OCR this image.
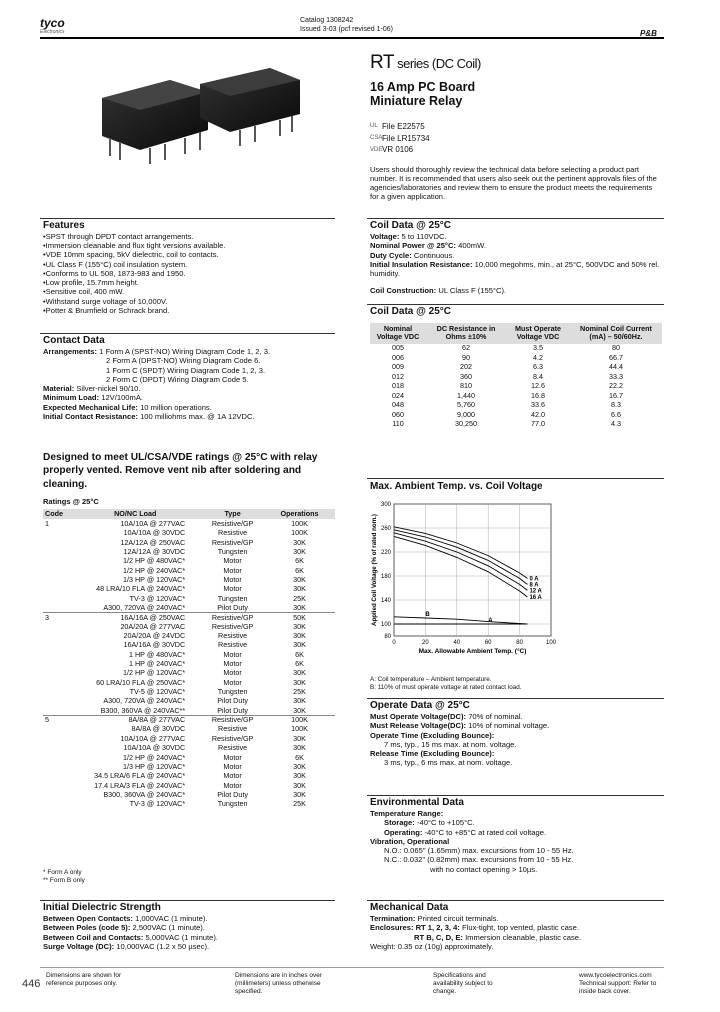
tyco
Electronics
Catalog 1308242
Issued 3-03 (pcf revised 1-06)	P&B
RT series (DC Coil)
16 Amp PC Board
Miniature Relay
UL File E22575
CSA File LR15734
VDE VR 0106
Users should thoroughly review the technical data before selecting a product part number. It is recommended that users also seek out the pertinent approvals files of the agencies/laboratories and review them to ensure the product meets the requirements for a given application.
Features
• SPST through DPDT contact arrangements.
• Immersion cleanable and flux tight versions available.
• VDE 10mm spacing, 5kV dielectric, coil to contacts.
• UL Class F (155°C) coil insulation system.
• Conforms to UL 508, 1873-983 and 1950.
• Low profile, 15.7mm height.
• Sensitive coil, 400 mW.
• Withstand surge voltage of 10,000V.
• Potter & Brumfield or Schrack brand.
Contact Data
Arrangements: 1 Form A (SPST-NO) Wiring Diagram Code 1, 2, 3.
2 Form A (DPST-NO) Wiring Diagram Code 6.
1 Form C (SPDT) Wiring Diagram Code 1, 2, 3.
2 Form C (DPDT) Wiring Diagram Code 5.
Material: Silver-nickel 90/10.
Minimum Load: 12V/100mA.
Expected Mechanical Life: 10 million operations.
Initial Contact Resistance: 100 milliohms max. @ 1A 12VDC.
Designed to meet UL/CSA/VDE ratings @ 25°C with relay properly vented. Remove vent nib after soldering and cleaning.
Ratings @ 25°C
Code	NO/NC Load	Type	Operations
1	10A/10A @ 277VAC	Resistive/GP	100K
	10A/10A @ 30VDC	Resistive	100K
	12A/12A @ 250VAC	Resistive/GP	30K
	12A/12A @ 30VDC	Tungsten	30K
	1/2 HP @ 480VAC*	Motor	6K
	1/2 HP @ 240VAC*	Motor	6K
	1/3 HP @ 120VAC*	Motor	30K
	48 LRA/10 FLA @ 240VAC*	Motor	30K
	TV-3 @ 120VAC*	Tungsten	25K
	A300, 720VA @ 240VAC*	Pilot Duty	30K
3	16A/16A @ 250VAC	Resistive/GP	50K
	20A/20A @ 277VAC	Resistive/GP	30K
	20A/20A @ 24VDC	Resistive	30K
	16A/16A @ 30VDC	Resistive	30K
	1 HP @ 480VAC*	Motor	6K
	1 HP @ 240VAC*	Motor	6K
	1/2 HP @ 120VAC*	Motor	30K
	60 LRA/10 FLA @ 250VAC*	Motor	30K
	TV-5 @ 120VAC*	Tungsten	25K
	A300, 720VA @ 240VAC*	Pilot Duty	30K
	B300, 360VA @ 240VAC**	Pilot Duty	30K
5	8A/8A @ 277VAC	Resistive/GP	100K
	8A/8A @ 30VDC	Resistive	100K
	10A/10A @ 277VAC	Resistive/GP	30K
	10A/10A @ 30VDC	Resistive	30K
	1/2 HP @ 240VAC*	Motor	6K
	1/3 HP @ 120VAC*	Motor	30K
	34.5 LRA/6 FLA @ 240VAC*	Motor	30K
	17.4 LRA/3 FLA @ 240VAC*	Motor	30K
	B300, 360VA @ 240VAC*	Pilot Duty	30K
	TV-3 @ 120VAC*	Tungsten	25K
* Form A only
** Form B only
Initial Dielectric Strength
Between Open Contacts: 1,000VAC (1 minute).
Between Poles (code 5): 2,500VAC (1 minute).
Between Coil and Contacts: 5,000VAC (1 minute).
Surge Voltage (DC): 10,000VAC (1.2 x 50 µsec).
Coil Data @ 25°C
Voltage: 5 to 110VDC.
Nominal Power @ 25°C: 400mW.
Duty Cycle: Continuous.
Initial Insulation Resistance: 10,000 megohms, min., at 25°C, 500VDC and 50% rel. humidity.
Coil Construction: UL Class F (155°C).
Coil Data @ 25°C
Nominal Voltage VDC	DC Resistance in Ohms ±10%	Must Operate Voltage VDC	Nominal Coil Current (mA) – 50/60Hz.
005	62	3.5	80
006	90	4.2	66.7
009	202	6.3	44.4
012	360	8.4	33.3
018	810	12.6	22.2
024	1,440	16.8	16.7
048	5,760	33.6	8.3
060	9,000	42.0	6.6
110	30,250	77.0	4.3
Max. Ambient Temp. vs. Coil Voltage
80
100
140
180
220
260
300
0	20	40	60	80	100
0 A
8 A
12 A
16 A
A
B
Max. Allowable Ambient Temp. (°C)
Applied Coil Voltage (% of rated nom.)
A: Coil temperature – Ambient temperature.
B: 110% of must operate voltage at rated contact load.
Operate Data @ 25°C
Must Operate Voltage(DC): 70% of nominal.
Must Release Voltage(DC): 10% of nominal voltage.
Operate Time (Excluding Bounce):
7 ms, typ., 15 ms max. at nom. voltage.
Release Time (Excluding Bounce):
3 ms, typ., 6 ms max. at nom. voltage.
Environmental Data
Temperature Range:
Storage: -40°C to +105°C.
Operating: -40°C to +85°C at rated coil voltage.
Vibration, Operational
N.O.: 0.065" (1.65mm) max. excursions from 10 - 55 Hz.
N.C.: 0.032" (0.82mm) max. excursions from 10 - 55 Hz.
with no contact opening > 10µs.
Mechanical Data
Termination: Printed circuit terminals.
Enclosures: RT 1, 2, 3, 4: Flux-tight, top vented, plastic case.
RT B, C, D, E: Immersion cleanable, plastic case.
Weight: 0.35 oz (10g) approximately.
446
Dimensions are shown for reference purposes only.
Dimensions are in inches over (millimeters) unless otherwise specified.
Specifications and availability subject to change.
www.tycoelectronics.com Technical support: Refer to inside back cover.
